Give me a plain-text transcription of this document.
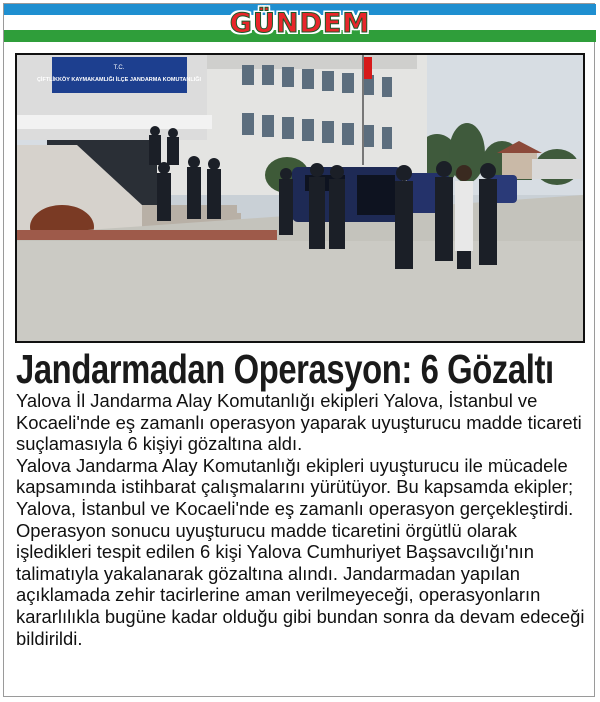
GÜNDEM
T.C.
ÇİFTLİKKÖY KAYMAKAMLIĞI İLÇE JANDARMA KOMUTANLIĞI
Jandarmadan Operasyon: 6 Gözaltı

Yalova İl Jandarma Alay Komutanlığı ekipleri Yalova, İstanbul ve Kocaeli'nde eş zamanlı operasyon yaparak uyuşturucu madde ticareti suçlamasıyla 6 kişiyi gözaltına aldı.

Yalova Jandarma Alay Komutanlığı ekipleri uyuşturucu ile mücadele kapsamında istihbarat çalışmalarını yürütüyor. Bu kapsamda ekipler; Yalova, İstanbul ve Kocaeli'nde eş zamanlı operasyon gerçekleştirdi. Operasyon sonucu uyuşturucu madde ticaretini örgütlü olarak işledikleri tespit edilen 6 kişi Yalova Cumhuriyet Başsavcılığı'nın talimatıyla yakalanarak gözaltına alındı. Jandarmadan yapılan açıklamada zehir tacirlerine aman verilmeyeceği, operasyonların kararlılıkla bugüne kadar olduğu gibi bundan sonra da devam edeceği bildirildi.
